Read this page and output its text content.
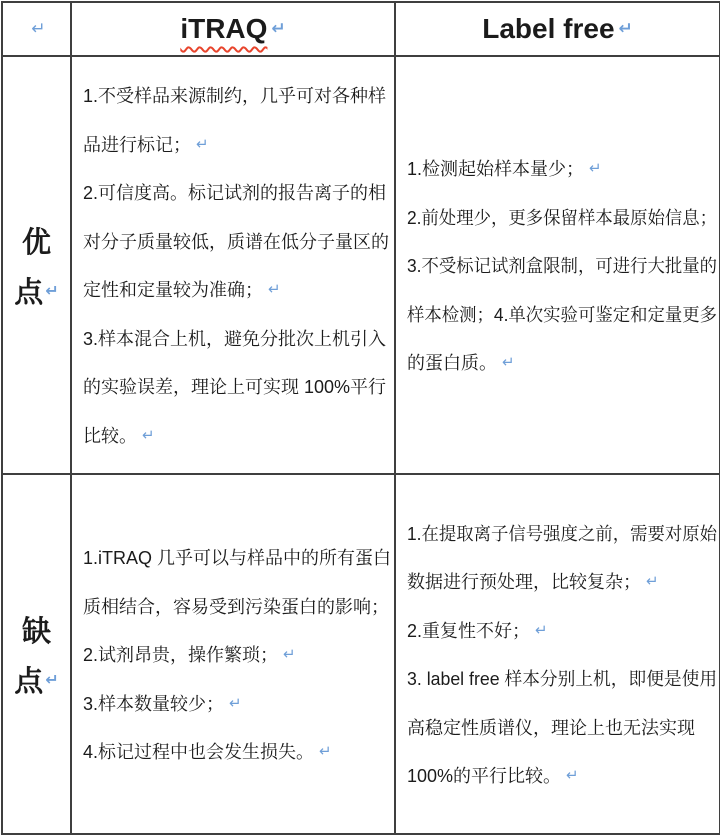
↵	iTRAQ ↵	Label free ↵
优
点 ↵
1.不受样品来源制约，几乎可对各种样
品进行标记； ↵
2.可信度高。标记试剂的报告离子的相
对分子质量较低，质谱在低分子量区的
定性和定量较为准确； ↵
3.样本混合上机，避免分批次上机引入
的实验误差，理论上可实现 100%平行
比较。 ↵
1.检测起始样本量少； ↵
2.前处理少，更多保留样本最原始信息；
3.不受标记试剂盒限制，可进行大批量的
样本检测；4.单次实验可鉴定和定量更多
的蛋白质。 ↵
缺
点 ↵
1.iTRAQ 几乎可以与样品中的所有蛋白
质相结合，容易受到污染蛋白的影响；
2.试剂昂贵，操作繁琐； ↵
3.样本数量较少； ↵
4.标记过程中也会发生损失。 ↵
1.在提取离子信号强度之前，需要对原始
数据进行预处理，比较复杂； ↵
2.重复性不好； ↵
3. label free 样本分别上机，即便是使用
高稳定性质谱仪，理论上也无法实现
100%的平行比较。 ↵
